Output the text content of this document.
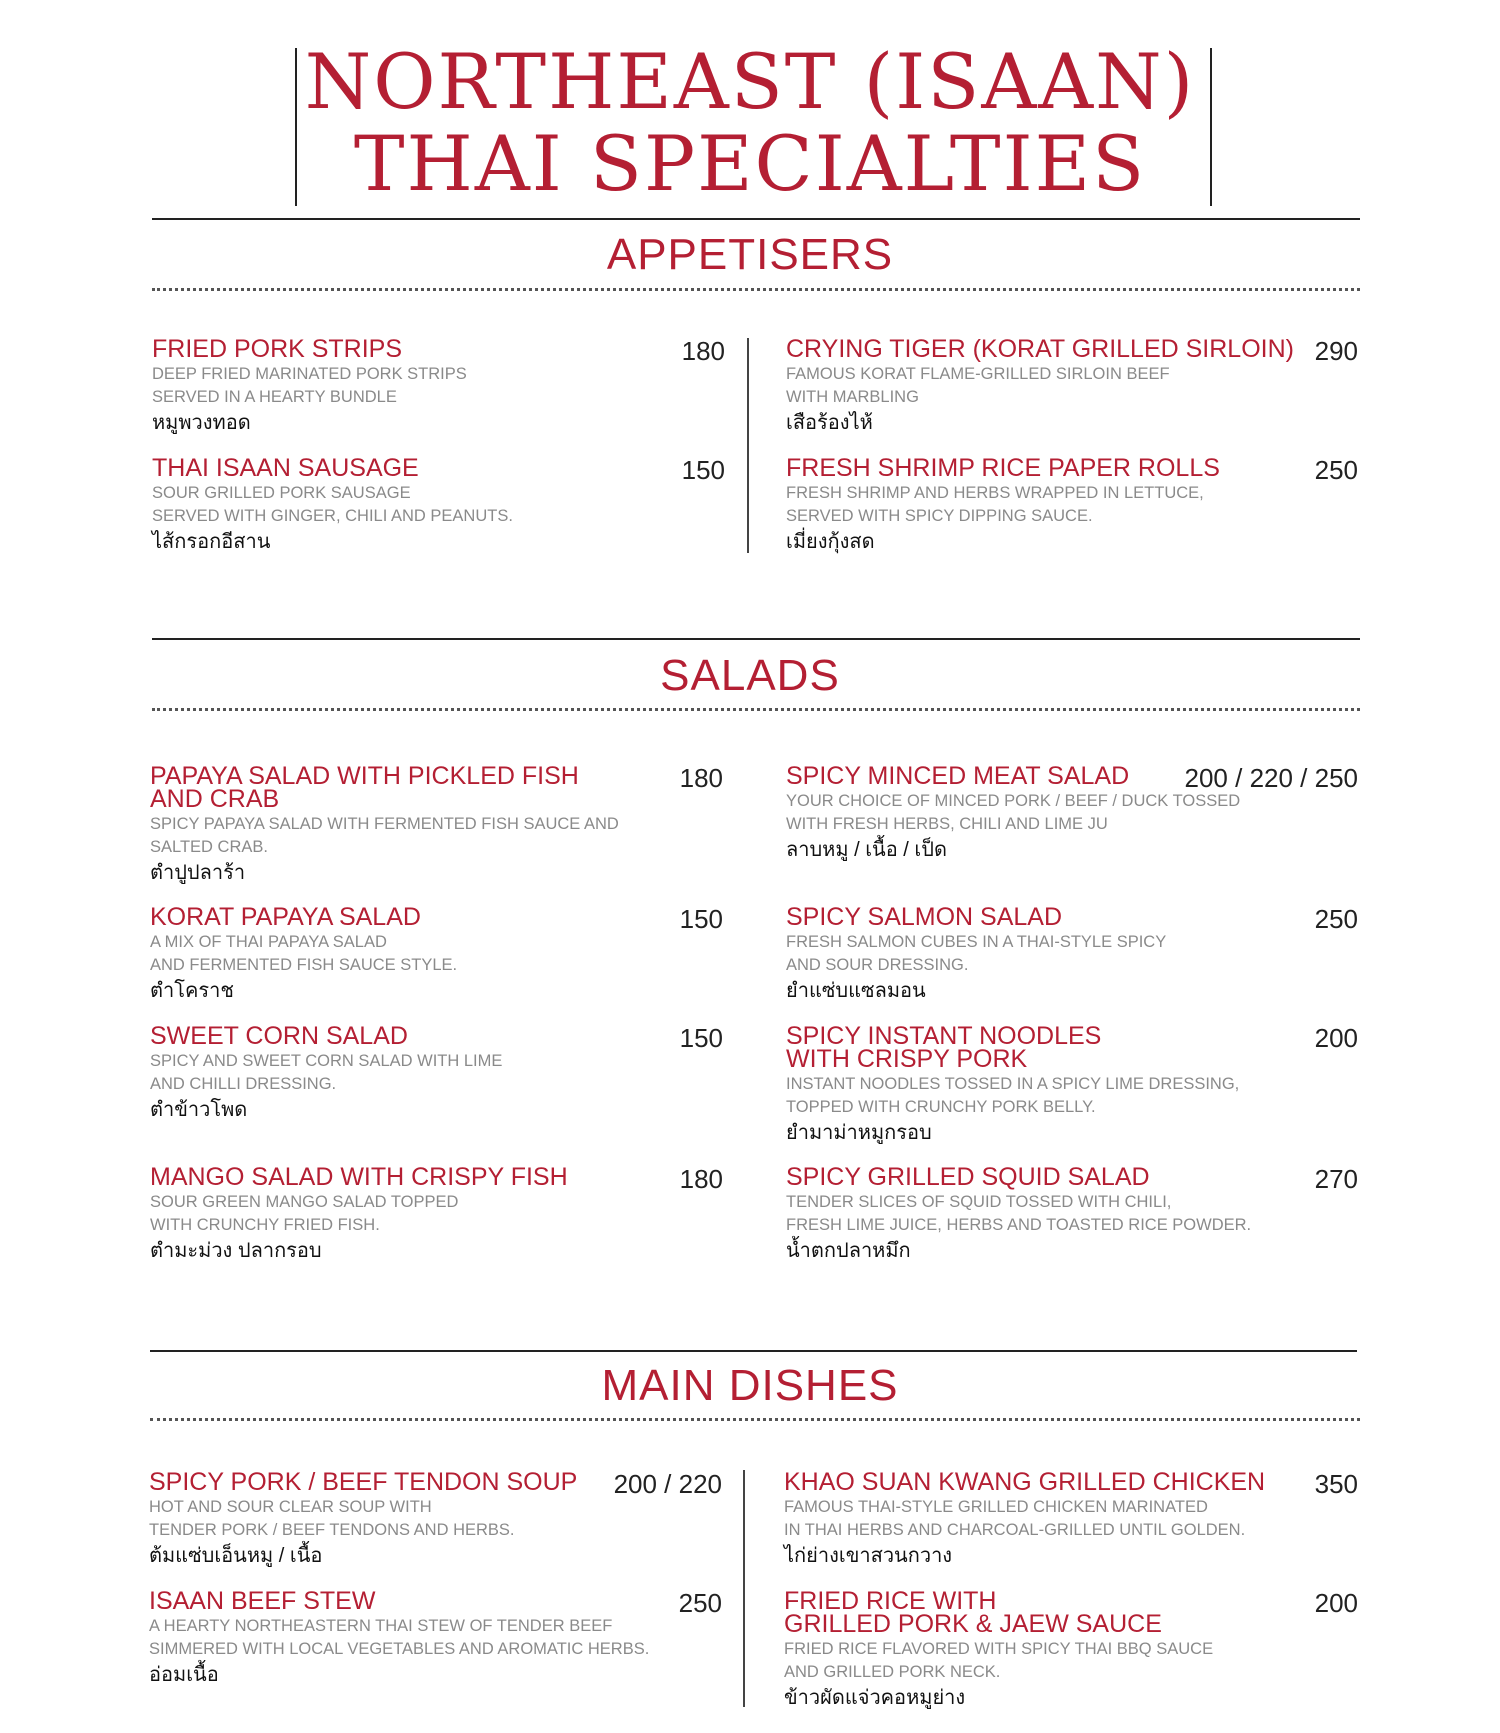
NORTHEAST (ISAAN)
THAI SPECIALTIES
APPETISERS
FRIED PORK STRIPS	180
DEEP FRIED MARINATED PORK STRIPS
SERVED IN A HEARTY BUNDLE
หมูพวงทอด
THAI ISAAN SAUSAGE	150
SOUR GRILLED PORK SAUSAGE
SERVED WITH GINGER, CHILI AND PEANUTS.
ไส้กรอกอีสาน
CRYING TIGER (KORAT GRILLED SIRLOIN) 290
FAMOUS KORAT FLAME-GRILLED SIRLOIN BEEF
WITH MARBLING
เสือร้องไห้
FRESH SHRIMP RICE PAPER ROLLS	250
FRESH SHRIMP AND HERBS WRAPPED IN LETTUCE,
SERVED WITH SPICY DIPPING SAUCE.
เมี่ยงกุ้งสด
SALADS
PAPAYA SALAD WITH PICKLED FISH
AND CRAB
180
SPICY PAPAYA SALAD WITH FERMENTED FISH SAUCE AND
SALTED CRAB.
ตำปูปลาร้า
KORAT PAPAYA SALAD	150
A MIX OF THAI PAPAYA SALAD
AND FERMENTED FISH SAUCE STYLE.
ตำโคราช
SWEET CORN SALAD	150
SPICY AND SWEET CORN SALAD WITH LIME
AND CHILLI DRESSING.
ตำข้าวโพด
MANGO SALAD WITH CRISPY FISH	180
SOUR GREEN MANGO SALAD TOPPED
WITH CRUNCHY FRIED FISH.
ตำมะม่วง ปลากรอบ
SPICY MINCED MEAT SALAD	200 / 220 / 250
YOUR CHOICE OF MINCED PORK / BEEF / DUCK TOSSED
WITH FRESH HERBS, CHILI AND LIME JU
ลาบหมู / เนื้อ / เป็ด
SPICY SALMON SALAD	250
FRESH SALMON CUBES IN A THAI-STYLE SPICY
AND SOUR DRESSING.
ยำแซ่บแซลมอน
SPICY INSTANT NOODLES
WITH CRISPY PORK
200
INSTANT NOODLES TOSSED IN A SPICY LIME DRESSING,
TOPPED WITH CRUNCHY PORK BELLY.
ยำมาม่าหมูกรอบ
SPICY GRILLED SQUID SALAD	270
TENDER SLICES OF SQUID TOSSED WITH CHILI,
FRESH LIME JUICE, HERBS AND TOASTED RICE POWDER.
น้ำตกปลาหมึก
MAIN DISHES
SPICY PORK / BEEF TENDON SOUP	200 / 220
HOT AND SOUR CLEAR SOUP WITH
TENDER PORK / BEEF TENDONS AND HERBS.
ต้มแซ่บเอ็นหมู / เนื้อ
ISAAN BEEF STEW	250
A HEARTY NORTHEASTERN THAI STEW OF TENDER BEEF
SIMMERED WITH LOCAL VEGETABLES AND AROMATIC HERBS.
อ่อมเนื้อ
KHAO SUAN KWANG GRILLED CHICKEN	350
FAMOUS THAI-STYLE GRILLED CHICKEN MARINATED
IN THAI HERBS AND CHARCOAL-GRILLED UNTIL GOLDEN.
ไก่ย่างเขาสวนกวาง
FRIED RICE WITH
GRILLED PORK & JAEW SAUCE
200
FRIED RICE FLAVORED WITH SPICY THAI BBQ SAUCE
AND GRILLED PORK NECK.
ข้าวผัดแจ่วคอหมูย่าง
